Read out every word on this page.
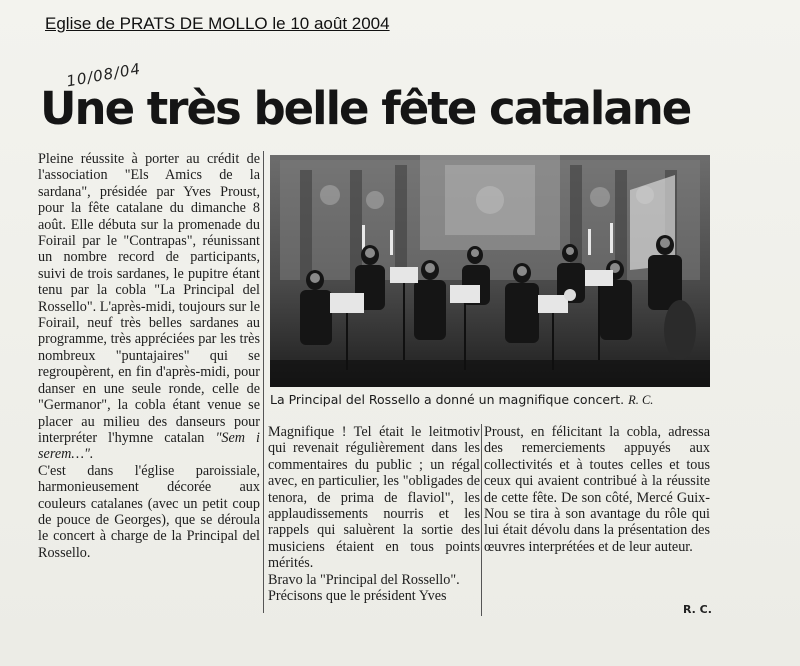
Eglise de PRATS DE MOLLO le 10 août 2004
10/08/04
Une très belle fête catalane

Pleine réussite à porter au crédit de l'association "Els Amics de la sardana", présidée par Yves Proust, pour la fête catalane du dimanche 8 août. Elle débuta sur la promenade du Foirail par le "Contrapas", réunissant un nombre record de participants, suivi de trois sardanes, le pupitre étant tenu par la cobla "La Principal del Rossello". L'après-midi, toujours sur le Foirail, neuf très belles sardanes au programme, très appréciées par les très nombreux "puntajaires" qui se regroupèrent, en fin d'après-midi, pour danser en une seule ronde, celle de "Germanor", la cobla étant venue se placer au milieu des danseurs pour interpréter l'hymne catalan "Sem i serem…".

C'est dans l'église paroissiale, harmonieusement décorée aux couleurs catalanes (avec un petit coup de pouce de Georges), que se déroula le concert à charge de la Principal del Rossello.

La Principal del Rossello a donné un magnifique concert. R. C.

Magnifique ! Tel était le leitmotiv qui revenait régulièrement dans les commentaires du public ; un régal avec, en particulier, les "obligades de tenora, de prima de flaviol", les applaudissements nourris et les rappels qui saluèrent la sortie des musiciens étaient en tous points mérités.

Bravo la "Principal del Rossello".

Précisons que le président Yves

Proust, en félicitant la cobla, adressa des remerciements appuyés aux collectivités et à toutes celles et tous ceux qui avaient contribué à la réussite de cette fête. De son côté, Mercé Guix-Nou se tira à son avantage du rôle qui lui était dévolu dans la présentation des œuvres interprétées et de leur auteur.

R. C.
